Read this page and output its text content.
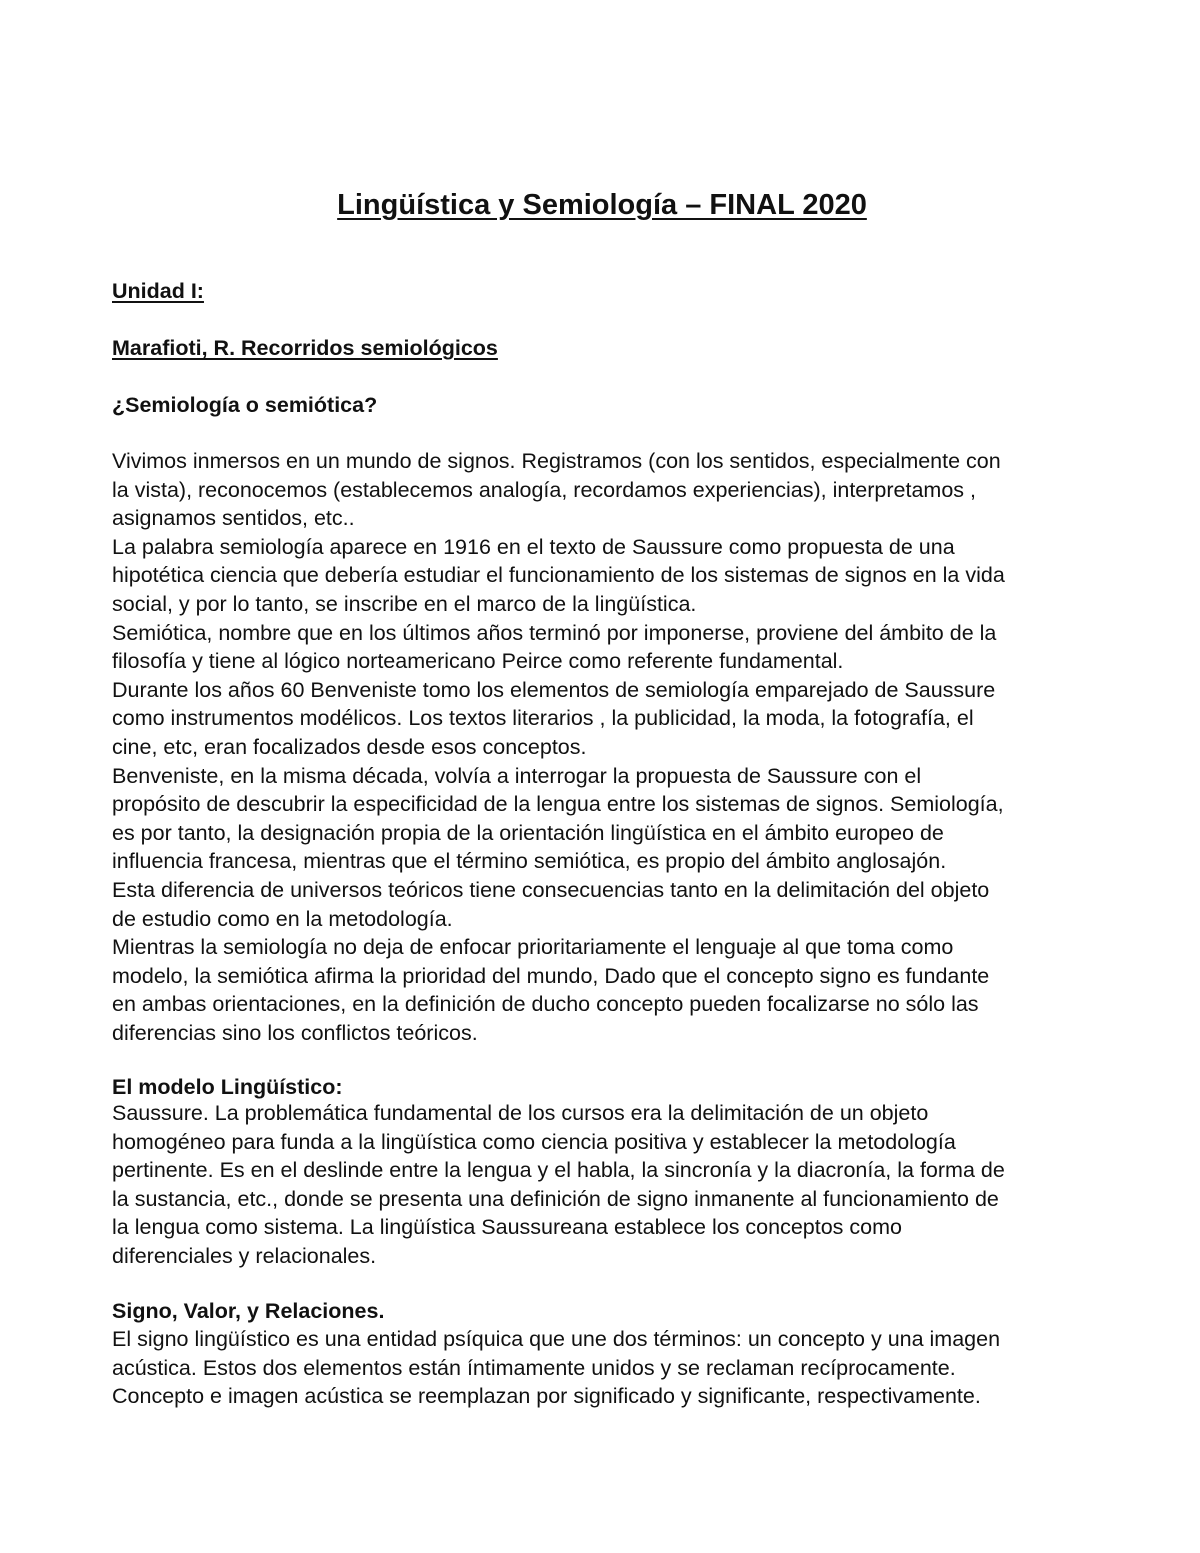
Lingüística y Semiología – FINAL 2020
Unidad I:
Marafioti, R. Recorridos semiológicos
¿Semiología o semiótica?
Vivimos inmersos en un mundo de signos. Registramos (con los sentidos, especialmente con
la vista), reconocemos (establecemos analogía, recordamos experiencias), interpretamos ,
asignamos sentidos, etc..
La palabra semiología aparece en 1916 en el texto de Saussure como propuesta de una
hipotética ciencia que debería estudiar el funcionamiento de los sistemas de signos en la vida
social, y por lo tanto, se inscribe en el marco de la lingüística.
Semiótica, nombre que en los últimos años terminó por imponerse, proviene del ámbito de la
filosofía y tiene al lógico norteamericano Peirce como referente fundamental.
Durante los años 60 Benveniste tomo los elementos de semiología emparejado de Saussure
como instrumentos modélicos. Los textos literarios , la publicidad, la moda, la fotografía, el
cine, etc, eran focalizados desde esos conceptos.
Benveniste, en la misma década, volvía a interrogar la propuesta de Saussure con el
propósito de descubrir la especificidad de la lengua entre los sistemas de signos. Semiología,
es por tanto, la designación propia de la orientación lingüística en el ámbito europeo de
influencia francesa, mientras que el término semiótica, es propio del ámbito anglosajón.
Esta diferencia de universos teóricos tiene consecuencias tanto en la delimitación del objeto
de estudio como en la metodología.
Mientras la semiología no deja de enfocar prioritariamente el lenguaje al que toma como
modelo, la semiótica afirma la prioridad del mundo, Dado que el concepto signo es fundante
en ambas orientaciones, en la definición de ducho concepto pueden focalizarse no sólo las
diferencias sino los conflictos teóricos.
El modelo Lingüístico:
Saussure. La problemática fundamental de los cursos era la delimitación de un objeto
homogéneo para funda a la lingüística como ciencia positiva y establecer la metodología
pertinente. Es en el deslinde entre la lengua y el habla, la sincronía y la diacronía, la forma de
la sustancia, etc., donde se presenta una definición de signo inmanente al funcionamiento de
la lengua como sistema. La lingüística Saussureana establece los conceptos como
diferenciales y relacionales.
Signo, Valor, y Relaciones.
El signo lingüístico es una entidad psíquica que une dos términos: un concepto y una imagen
acústica. Estos dos elementos están íntimamente unidos y se reclaman recíprocamente.
Concepto e imagen acústica se reemplazan por significado y significante, respectivamente.
